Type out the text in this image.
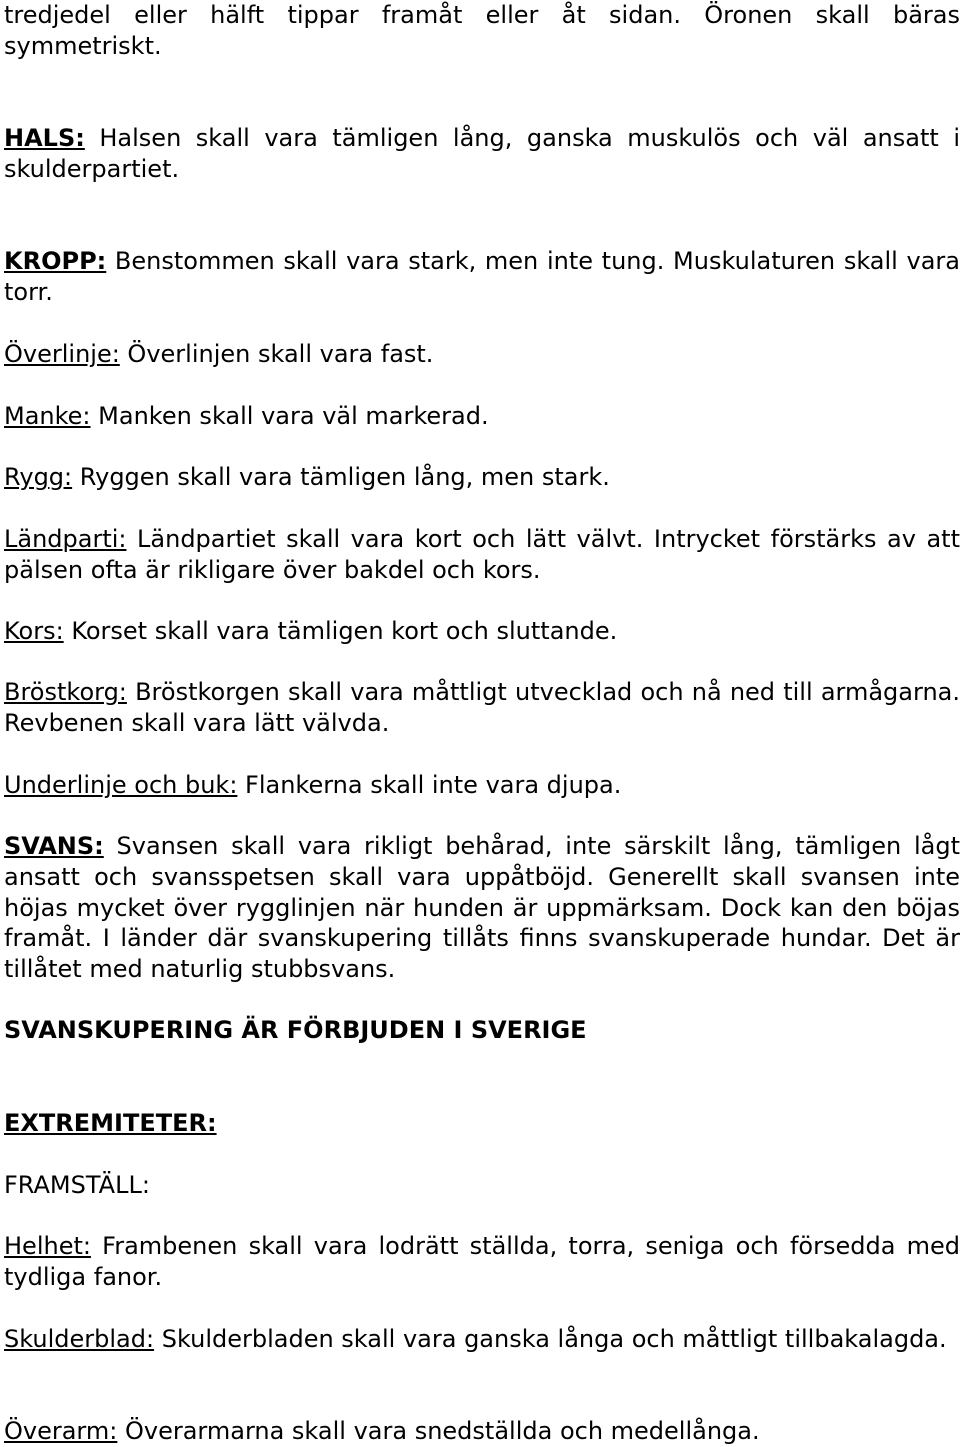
tredjedel eller hälft tippar framåt eller åt sidan. Öronen skall bäras symmetriskt.

HALS: Halsen skall vara tämligen lång, ganska muskulös och väl ansatt i skulderpartiet.

KROPP: Benstommen skall vara stark, men inte tung. Muskulaturen skall vara torr.

Överlinje: Överlinjen skall vara fast.

Manke: Manken skall vara väl markerad.

Rygg: Ryggen skall vara tämligen lång, men stark.

Ländparti: Ländpartiet skall vara kort och lätt välvt. Intrycket förstärks av att pälsen ofta är rikligare över bakdel och kors.

Kors: Korset skall vara tämligen kort och sluttande.

Bröstkorg: Bröstkorgen skall vara måttligt utvecklad och nå ned till armågarna. Revbenen skall vara lätt välvda.

Underlinje och buk: Flankerna skall inte vara djupa.

SVANS: Svansen skall vara rikligt behårad, inte särskilt lång, tämligen lågt ansatt och svansspetsen skall vara uppåtböjd. Generellt skall svansen inte höjas mycket över rygglinjen när hunden är uppmärksam. Dock kan den böjas framåt. I länder där svanskupering tillåts finns svanskuperade hundar. Det är tillåtet med naturlig stubbsvans.

SVANSKUPERING ÄR FÖRBJUDEN I SVERIGE

EXTREMITETER:

FRAMSTÄLL:

Helhet: Frambenen skall vara lodrätt ställda, torra, seniga och försedda med tydliga fanor.

Skulderblad: Skulderbladen skall vara ganska långa och måttligt tillbakalagda.

Överarm: Överarmarna skall vara snedställda och medellånga.
